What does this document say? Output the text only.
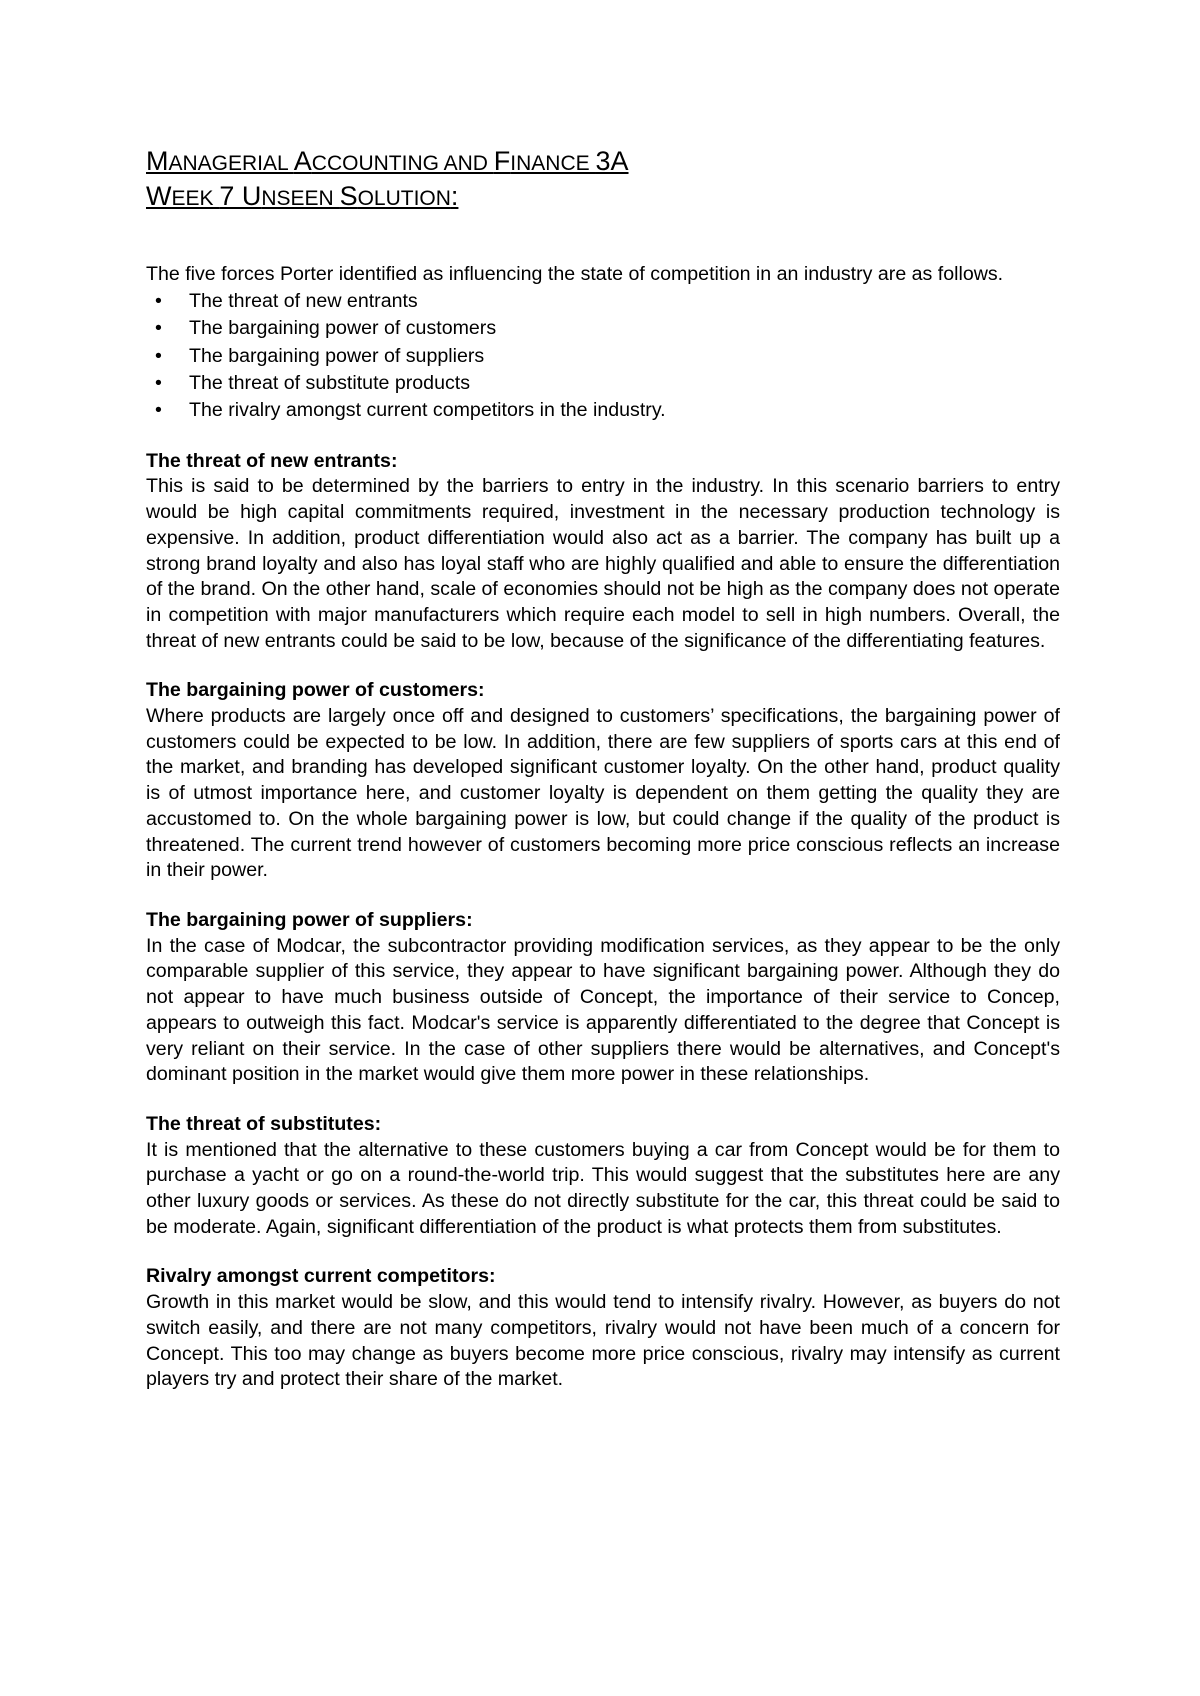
MANAGERIAL ACCOUNTING AND FINANCE 3A
WEEK 7 UNSEEN SOLUTION:
The five forces Porter identified as influencing the state of competition in an industry are as follows.
• The threat of new entrants
• The bargaining power of customers
• The bargaining power of suppliers
• The threat of substitute products
• The rivalry amongst current competitors in the industry.
The threat of new entrants:

This is said to be determined by the barriers to entry in the industry. In this scenario barriers to entry would be high capital commitments required, investment in the necessary production technology is expensive. In addition, product differentiation would also act as a barrier. The company has built up a strong brand loyalty and also has loyal staff who are highly qualified and able to ensure the differentiation of the brand. On the other hand, scale of economies should not be high as the company does not operate in competition with major manufacturers which require each model to sell in high numbers. Overall, the threat of new entrants could be said to be low, because of the significance of the differentiating features.

The bargaining power of customers:

Where products are largely once off and designed to customers’ specifications, the bargaining power of customers could be expected to be low. In addition, there are few suppliers of sports cars at this end of the market, and branding has developed significant customer loyalty. On the other hand, product quality is of utmost importance here, and customer loyalty is dependent on them getting the quality they are accustomed to. On the whole bargaining power is low, but could change if the quality of the product is threatened. The current trend however of customers becoming more price conscious reflects an increase in their power.

The bargaining power of suppliers:

In the case of Modcar, the subcontractor providing modification services, as they appear to be the only comparable supplier of this service, they appear to have significant bargaining power. Although they do not appear to have much business outside of Concept, the importance of their service to Concep, appears to outweigh this fact. Modcar's service is apparently differentiated to the degree that Concept is very reliant on their service. In the case of other suppliers there would be alternatives, and Concept's dominant position in the market would give them more power in these relationships.

The threat of substitutes:

It is mentioned that the alternative to these customers buying a car from Concept would be for them to purchase a yacht or go on a round-the-world trip. This would suggest that the substitutes here are any other luxury goods or services. As these do not directly substitute for the car, this threat could be said to be moderate. Again, significant differentiation of the product is what protects them from substitutes.

Rivalry amongst current competitors:

Growth in this market would be slow, and this would tend to intensify rivalry. However, as buyers do not switch easily, and there are not many competitors, rivalry would not have been much of a concern for Concept. This too may change as buyers become more price conscious, rivalry may intensify as current players try and protect their share of the market.
